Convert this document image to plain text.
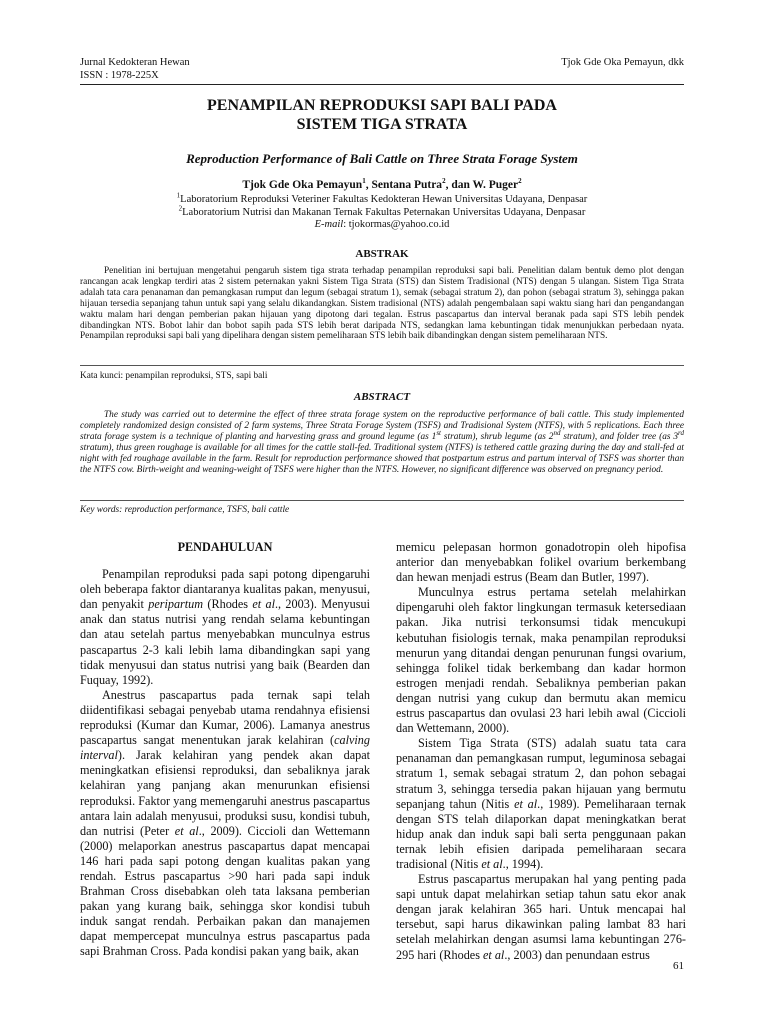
Jurnal Kedokteran Hewan
ISSN : 1978-225X
Tjok Gde Oka Pemayun, dkk
PENAMPILAN REPRODUKSI SAPI BALI PADA
SISTEM TIGA STRATA
Reproduction Performance of Bali Cattle on Three Strata Forage System
Tjok Gde Oka Pemayun$^1$, Sentana Putra$^2$, dan W. Puger$^2$
$^1$Laboratorium Reproduksi Veteriner Fakultas Kedokteran Hewan Universitas Udayana, Denpasar
$^2$Laboratorium Nutrisi dan Makanan Ternak Fakultas Peternakan Universitas Udayana, Denpasar
E-mail: tjokormas@yahoo.co.id
ABSTRAK
Penelitian ini bertujuan mengetahui pengaruh sistem tiga strata terhadap penampilan reproduksi sapi bali. Penelitian dalam bentuk demo plot dengan rancangan acak lengkap terdiri atas 2 sistem peternakan yakni Sistem Tiga Strata (STS) dan Sistem Tradisional (NTS) dengan 5 ulangan. Sistem Tiga Strata adalah tata cara penanaman dan pemangkasan rumput dan legum (sebagai stratum 1), semak (sebagai stratum 2), dan pohon (sebagai stratum 3), sehingga pakan hijauan tersedia sepanjang tahun untuk sapi yang selalu dikandangkan. Sistem tradisional (NTS) adalah pengembalaan sapi waktu siang hari dan pengandangan waktu malam hari dengan pemberian pakan hijauan yang dipotong dari tegalan. Estrus pascapartus dan interval beranak pada sapi STS lebih pendek dibandingkan NTS. Bobot lahir dan bobot sapih pada STS lebih berat daripada NTS, sedangkan lama kebuntingan tidak menunjukkan perbedaan nyata. Penampilan reproduksi sapi bali yang dipelihara dengan sistem pemeliharaan STS lebih baik dibandingkan dengan sistem pemeliharaan NTS.
Kata kunci: penampilan reproduksi, STS, sapi bali
ABSTRACT
The study was carried out to determine the effect of three strata forage system on the reproductive performance of bali cattle. This study implemented completely randomized design consisted of 2 farm systems, Three Strata Forage System (TSFS) and Tradisional System (NTFS), with 5 replications. Each three strata forage system is a technique of planting and harvesting grass and ground legume (as 1st stratum), shrub legume (as 2nd stratum), and folder tree (as 3rd stratum), thus green roughage is available for all times for the cattle stall-fed. Traditional system (NTFS) is tethered cattle grazing during the day and stall-fed at night with fed roughage available in the farm. Result for reproduction performance showed that postpartum estrus and partum interval of TSFS was shorter than the NTFS cow. Birth-weight and weaning-weight of TSFS were higher than the NTFS. However, no significant difference was observed on pregnancy period.
Key words: reproduction performance, TSFS, bali cattle
PENDAHULUAN

Penampilan reproduksi pada sapi potong dipengaruhi oleh beberapa faktor diantaranya kualitas pakan, menyusui, dan penyakit peripartum (Rhodes et al., 2003). Menyusui anak dan status nutrisi yang rendah selama kebuntingan dan atau setelah partus menyebabkan munculnya estrus pascapartus 2-3 kali lebih lama dibandingkan sapi yang tidak menyusui dan status nutrisi yang baik (Bearden dan Fuquay, 1992).

Anestrus pascapartus pada ternak sapi telah diidentifikasi sebagai penyebab utama rendahnya efisiensi reproduksi (Kumar dan Kumar, 2006). Lamanya anestrus pascapartus sangat menentukan jarak kelahiran (calving interval). Jarak kelahiran yang pendek akan dapat meningkatkan efisiensi reproduksi, dan sebaliknya jarak kelahiran yang panjang akan menurunkan efisiensi reproduksi. Faktor yang memengaruhi anestrus pascapartus antara lain adalah menyusui, produksi susu, kondisi tubuh, dan nutrisi (Peter et al., 2009). Ciccioli dan Wettemann (2000) melaporkan anestrus pascapartus dapat mencapai 146 hari pada sapi potong dengan kualitas pakan yang rendah. Estrus pascapartus >90 hari pada sapi induk Brahman Cross disebabkan oleh tata laksana pemberian pakan yang kurang baik, sehingga skor kondisi tubuh induk sangat rendah. Perbaikan pakan dan manajemen dapat mempercepat munculnya estrus pascapartus pada sapi Brahman Cross. Pada kondisi pakan yang baik, akan

memicu pelepasan hormon gonadotropin oleh hipofisa anterior dan menyebabkan folikel ovarium berkembang dan hewan menjadi estrus (Beam dan Butler, 1997).

Munculnya estrus pertama setelah melahirkan dipengaruhi oleh faktor lingkungan termasuk ketersediaan pakan. Jika nutrisi terkonsumsi tidak mencukupi kebutuhan fisiologis ternak, maka penampilan reproduksi menurun yang ditandai dengan penurunan fungsi ovarium, sehingga folikel tidak berkembang dan kadar hormon estrogen menjadi rendah. Sebaliknya pemberian pakan dengan nutrisi yang cukup dan bermutu akan memicu estrus pascapartus dan ovulasi 23 hari lebih awal (Ciccioli dan Wettemann, 2000).

Sistem Tiga Strata (STS) adalah suatu tata cara penanaman dan pemangkasan rumput, leguminosa sebagai stratum 1, semak sebagai stratum 2, dan pohon sebagai stratum 3, sehingga tersedia pakan hijauan yang bermutu sepanjang tahun (Nitis et al., 1989). Pemeliharaan ternak dengan STS telah dilaporkan dapat meningkatkan berat hidup anak dan induk sapi bali serta penggunaan pakan ternak lebih efisien daripada pemeliharaan secara tradisional (Nitis et al., 1994).

Estrus pascapartus merupakan hal yang penting pada sapi untuk dapat melahirkan setiap tahun satu ekor anak dengan jarak kelahiran 365 hari. Untuk mencapai hal tersebut, sapi harus dikawinkan paling lambat 83 hari setelah melahirkan dengan asumsi lama kebuntingan 276-295 hari (Rhodes et al., 2003) dan penundaan estrus

61
